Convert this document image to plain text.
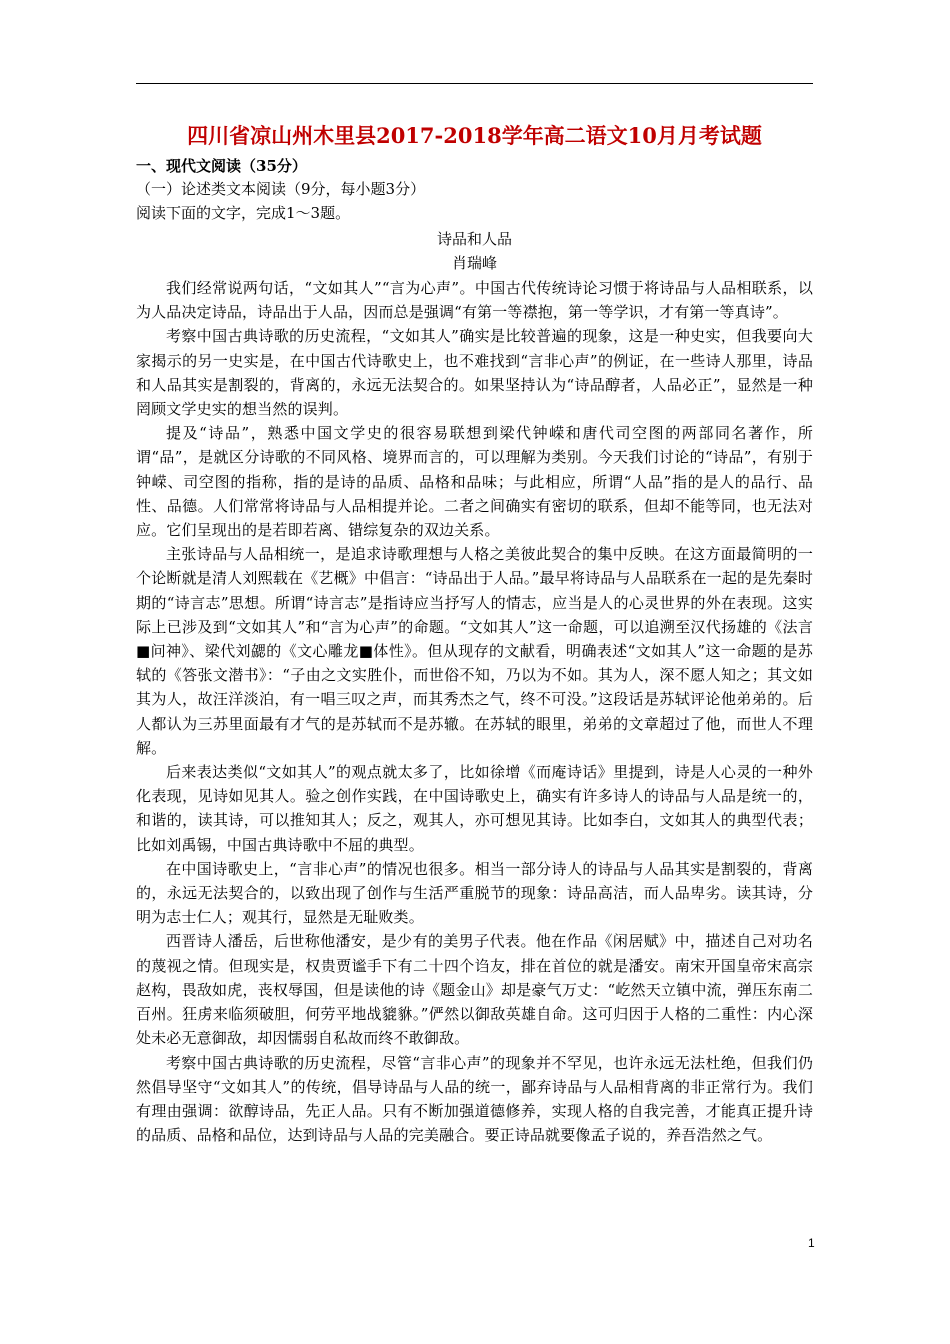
四川省凉山州木里县2017-2018学年高二语文10月月考试题
一、现代文阅读（35分）
（一）论述类文本阅读（9分，每小题3分）
阅读下面的文字，完成1～3题。
诗品和人品
肖瑞峰

我们经常说两句话，“文如其人”“言为心声”。中国古代传统诗论习惯于将诗品与人品相联系，以为人品决定诗品，诗品出于人品，因而总是强调“有第一等襟抱，第一等学识，才有第一等真诗”。

考察中国古典诗歌的历史流程，“文如其人”确实是比较普遍的现象，这是一种史实，但我要向大家揭示的另一史实是，在中国古代诗歌史上，也不难找到“言非心声”的例证，在一些诗人那里，诗品和人品其实是割裂的，背离的，永远无法契合的。如果坚持认为“诗品醇者，人品必正”，显然是一种罔顾文学史实的想当然的误判。

提及“诗品”，熟悉中国文学史的很容易联想到梁代钟嵘和唐代司空图的两部同名著作，所谓“品”，是就区分诗歌的不同风格、境界而言的，可以理解为类别。今天我们讨论的“诗品”，有别于钟嵘、司空图的指称，指的是诗的品质、品格和品味；与此相应，所谓“人品”指的是人的品行、品性、品德。人们常常将诗品与人品相提并论。二者之间确实有密切的联系，但却不能等同，也无法对应。它们呈现出的是若即若离、错综复杂的双边关系。

主张诗品与人品相统一，是追求诗歌理想与人格之美彼此契合的集中反映。在这方面最简明的一个论断就是清人刘熙载在《艺概》中倡言：“诗品出于人品。”最早将诗品与人品联系在一起的是先秦时期的“诗言志”思想。所谓“诗言志”是指诗应当抒写人的情志，应当是人的心灵世界的外在表现。这实际上已涉及到“文如其人”和“言为心声”的命题。“文如其人”这一命题，可以追溯至汉代扬雄的《法言■问神》、梁代刘勰的《文心雕龙■体性》。但从现存的文献看，明确表述“文如其人”这一命题的是苏轼的《答张文潜书》：“子由之文实胜仆，而世俗不知，乃以为不如。其为人，深不愿人知之；其文如其为人，故汪洋淡泊，有一唱三叹之声，而其秀杰之气，终不可没。”这段话是苏轼评论他弟弟的。后人都认为三苏里面最有才气的是苏轼而不是苏辙。在苏轼的眼里，弟弟的文章超过了他，而世人不理解。

后来表达类似“文如其人”的观点就太多了，比如徐增《而庵诗话》里提到，诗是人心灵的一种外化表现，见诗如见其人。验之创作实践，在中国诗歌史上，确实有许多诗人的诗品与人品是统一的，和谐的，读其诗，可以推知其人；反之，观其人，亦可想见其诗。比如李白，文如其人的典型代表；比如刘禹锡，中国古典诗歌中不屈的典型。

在中国诗歌史上，“言非心声”的情况也很多。相当一部分诗人的诗品与人品其实是割裂的，背离的，永远无法契合的，以致出现了创作与生活严重脱节的现象：诗品高洁，而人品卑劣。读其诗，分明为志士仁人；观其行，显然是无耻败类。

西晋诗人潘岳，后世称他潘安，是少有的美男子代表。他在作品《闲居赋》中，描述自己对功名的蔑视之情。但现实是，权贵贾谧手下有二十四个诌友，排在首位的就是潘安。南宋开国皇帝宋高宗赵构，畏敌如虎，丧权辱国，但是读他的诗《题金山》却是豪气万丈：“屹然天立镇中流，弹压东南二百州。狂虏来临须破胆，何劳平地战貔貅。”俨然以御敌英雄自命。这可归因于人格的二重性：内心深处未必无意御敌，却因懦弱自私故而终不敢御敌。

考察中国古典诗歌的历史流程，尽管“言非心声”的现象并不罕见，也许永远无法杜绝，但我们仍然倡导坚守“文如其人”的传统，倡导诗品与人品的统一，鄙弃诗品与人品相背离的非正常行为。我们有理由强调：欲醇诗品，先正人品。只有不断加强道德修养，实现人格的自我完善，才能真正提升诗的品质、品格和品位，达到诗品与人品的完美融合。要正诗品就要像孟子说的，养吾浩然之气。

1
